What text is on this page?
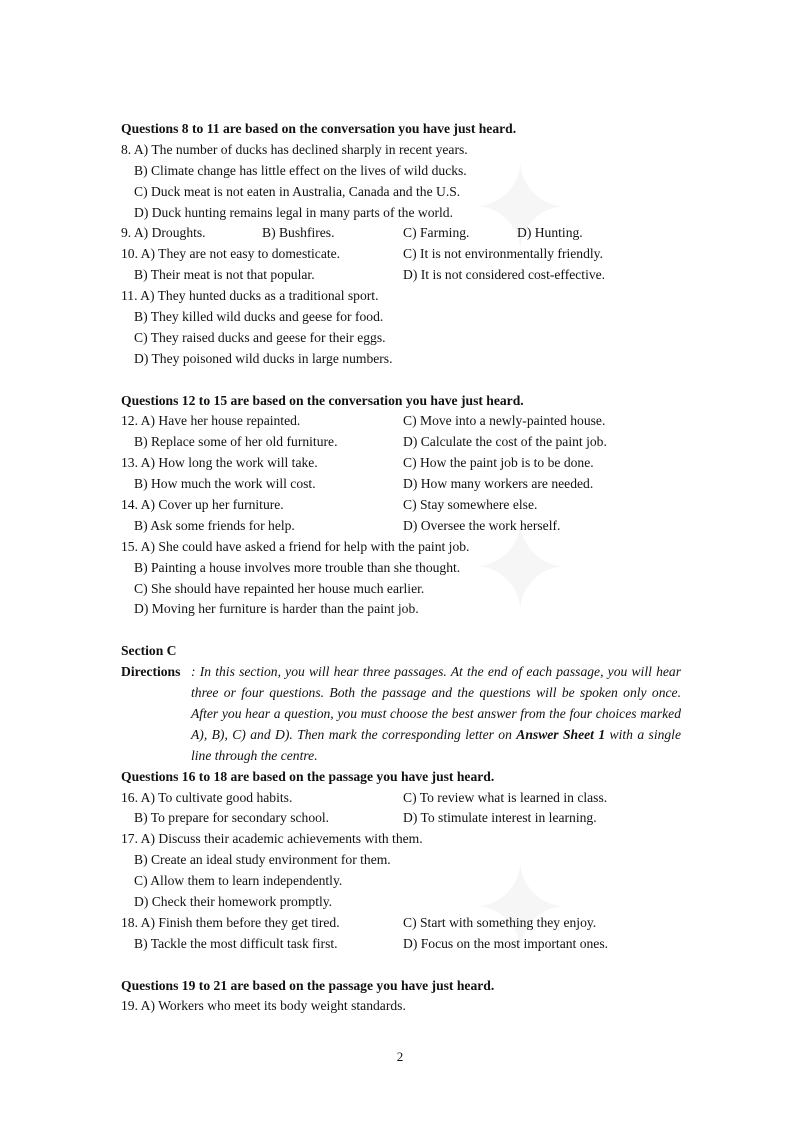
Questions 8 to 11 are based on the conversation you have just heard.
8. A) The number of ducks has declined sharply in recent years.
B) Climate change has little effect on the lives of wild ducks.
C) Duck meat is not eaten in Australia, Canada and the U.S.
D) Duck hunting remains legal in many parts of the world.
9. A) Droughts.	B) Bushfires.	C) Farming.	D) Hunting.
10. A) They are not easy to domesticate.	C) It is not environmentally friendly.
B) Their meat is not that popular.	D) It is not considered cost-effective.
11. A) They hunted ducks as a traditional sport.
B) They killed wild ducks and geese for food.
C) They raised ducks and geese for their eggs.
D) They poisoned wild ducks in large numbers.
Questions 12 to 15 are based on the conversation you have just heard.
12. A) Have her house repainted.	C) Move into a newly-painted house.
B) Replace some of her old furniture.	D) Calculate the cost of the paint job.
13. A) How long the work will take.	C) How the paint job is to be done.
B) How much the work will cost.	D) How many workers are needed.
14. A) Cover up her furniture.	C) Stay somewhere else.
B) Ask some friends for help.	D) Oversee the work herself.
15. A) She could have asked a friend for help with the paint job.
B) Painting a house involves more trouble than she thought.
C) She should have repainted her house much earlier.
D) Moving her furniture is harder than the paint job.
Section C
Directions : In this section, you will hear three passages. At the end of each passage, you will hear three or four questions. Both the passage and the questions will be spoken only once. After you hear a question, you must choose the best answer from the four choices marked A), B), C) and D). Then mark the corresponding letter on Answer Sheet 1 with a single line through the centre.
Questions 16 to 18 are based on the passage you have just heard.
16. A) To cultivate good habits.	C) To review what is learned in class.
B) To prepare for secondary school.	D) To stimulate interest in learning.
17. A) Discuss their academic achievements with them.
B) Create an ideal study environment for them.
C) Allow them to learn independently.
D) Check their homework promptly.
18. A) Finish them before they get tired.	C) Start with something they enjoy.
B) Tackle the most difficult task first.	D) Focus on the most important ones.
Questions 19 to 21 are based on the passage you have just heard.
19. A) Workers who meet its body weight standards.
2
